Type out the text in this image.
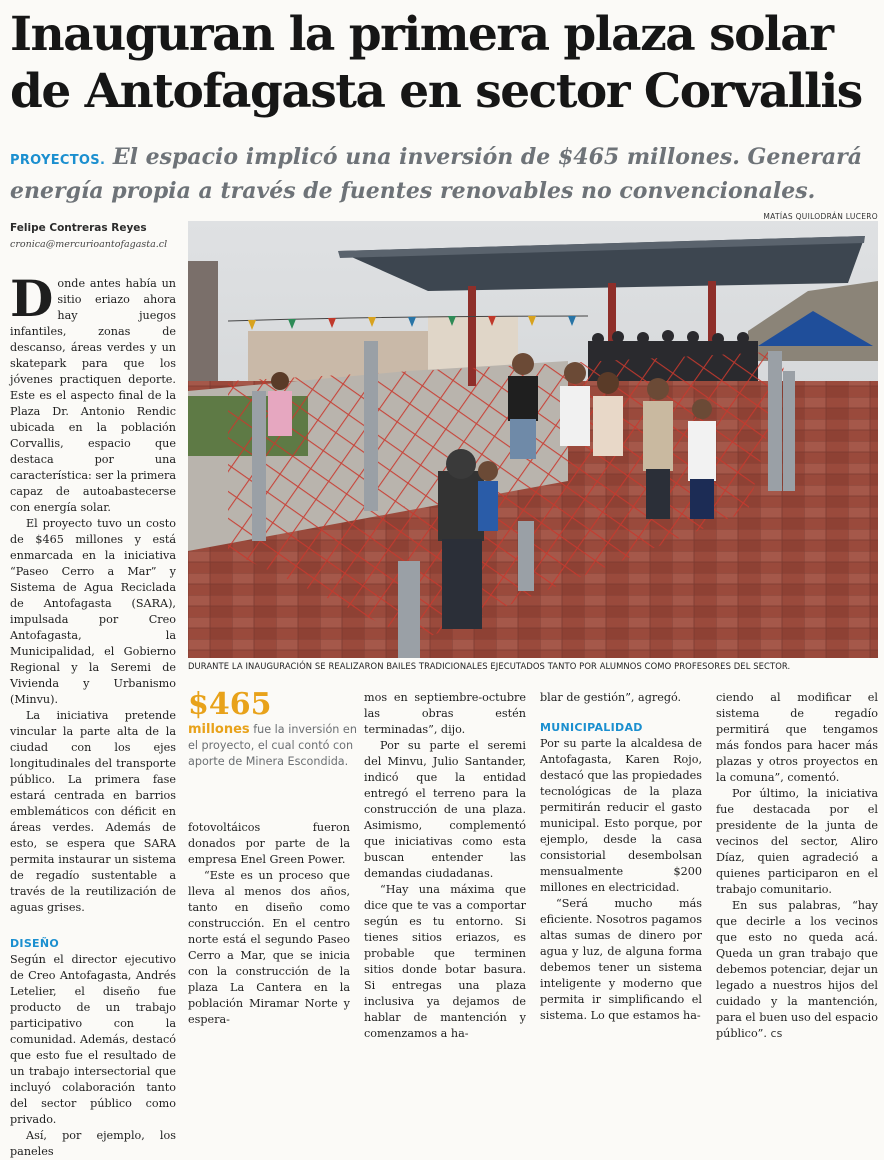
Inauguran la primera plaza solar
de Antofagasta en sector Corvallis
PROYECTOS. El espacio implicó una inversión de $465 millones. Generará energía propia a través de fuentes renovables no convencionales.
Felipe Contreras Reyes
cronica@mercurioantofagasta.cl
MATÍAS QUILODRÁN LUCERO
DURANTE LA INAUGURACIÓN SE REALIZARON BAILES TRADICIONALES EJECUTADOS TANTO POR ALUMNOS COMO PROFESORES DEL SECTOR.

Donde antes había un sitio eriazo ahora hay juegos infantiles, zonas de descanso, áreas verdes y un skatepark para que los jóvenes practiquen deporte. Este es el aspecto final de la Plaza Dr. Antonio Rendic ubicada en la población Corvallis, espacio que destaca por una característica: ser la primera capaz de autoabastecerse con energía solar.

El proyecto tuvo un costo de $465 millones y está enmarcada en la iniciativa “Paseo Cerro a Mar” y Sistema de Agua Reciclada de Antofagasta (SARA), impulsada por Creo Antofagasta, la Municipalidad, el Gobierno Regional y la Seremi de Vivienda y Urbanismo (Minvu).

La iniciativa pretende vincular la parte alta de la ciudad con los ejes longitudinales del transporte público. La primera fase estará centrada en barrios emblemáticos con déficit en áreas verdes. Además de esto, se espera que SARA permita instaurar un sistema de regadío sustentable a través de la reutilización de aguas grises.

DISEÑO

Según el director ejecutivo de Creo Antofagasta, Andrés Letelier, el diseño fue producto de un trabajo participativo con la comunidad. Además, destacó que esto fue el resultado de un trabajo intersectorial que incluyó colaboración tanto del sector público como privado.

Así, por ejemplo, los paneles

$465
millones fue la inversión en el proyecto, el cual contó con aporte de Minera Escondida.

fotovoltáicos fueron donados por parte de la empresa Enel Green Power.

“Este es un proceso que lleva al menos dos años, tanto en diseño como construcción. En el centro norte está el segundo Paseo Cerro a Mar, que se inicia con la construcción de la plaza La Cantera en la población Miramar Norte y espera-

mos en septiembre-octubre las obras estén terminadas”, dijo.

Por su parte el seremi del Minvu, Julio Santander, indicó que la entidad entregó el terreno para la construcción de una plaza. Asimismo, complementó que iniciativas como esta buscan entender las demandas ciudadanas.

“Hay una máxima que dice que te vas a comportar según es tu entorno. Si tienes sitios eriazos, es probable que terminen sitios donde botar basura. Si entregas una plaza inclusiva ya dejamos de hablar de mantención y comenzamos a ha-

blar de gestión”, agregó.

MUNICIPALIDAD

Por su parte la alcaldesa de Antofagasta, Karen Rojo, destacó que las propiedades tecnológicas de la plaza permitirán reducir el gasto municipal. Esto porque, por ejemplo, desde la casa consistorial desembolsan mensualmente $200 millones en electricidad.

“Será mucho más eficiente. Nosotros pagamos altas sumas de dinero por agua y luz, de alguna forma debemos tener un sistema inteligente y moderno que permita ir simplificando el sistema. Lo que estamos ha-

ciendo al modificar el sistema de regadío permitirá que tengamos más fondos para hacer más plazas y otros proyectos en la comuna”, comentó.

Por último, la iniciativa fue destacada por el presidente de la junta de vecinos del sector, Aliro Díaz, quien agradeció a quienes participaron en el trabajo comunitario.

En sus palabras, “hay que decirle a los vecinos que esto no queda acá. Queda un gran trabajo que debemos potenciar, dejar un legado a nuestros hijos del cuidado y la mantención, para el buen uso del espacio público”. cs
